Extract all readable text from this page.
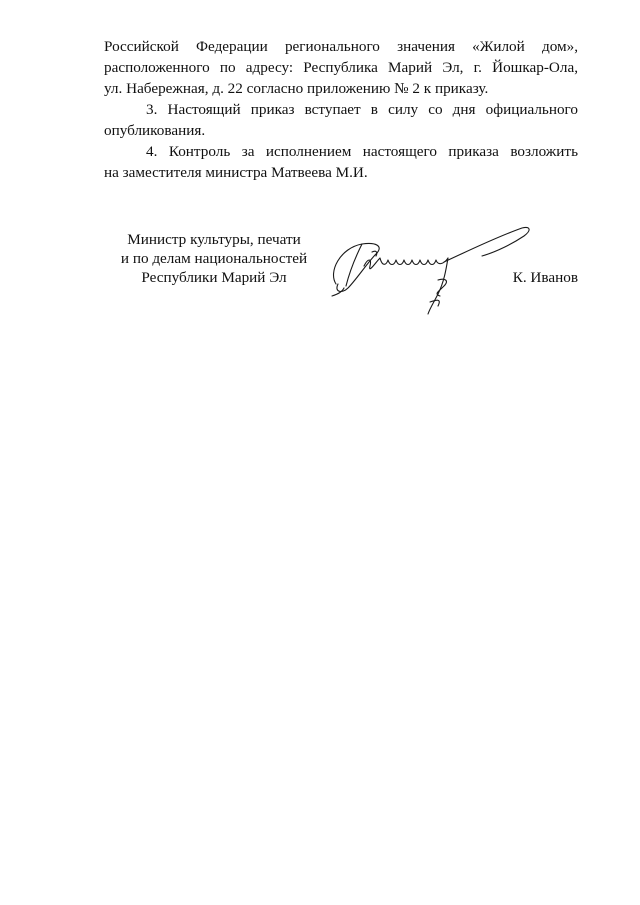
Российской Федерации регионального значения «Жилой дом»,
расположенного по адресу: Республика Марий Эл, г. Йошкар-Ола,
ул. Набережная, д. 22 согласно приложению № 2 к приказу.

3. Настоящий приказ вступает в силу со дня официального
опубликования.

4. Контроль за исполнением настоящего приказа возложить
на заместителя министра Матвеева М.И.

Министр культуры, печати
и по делам национальностей
Республики Марий Эл	К. Иванов
